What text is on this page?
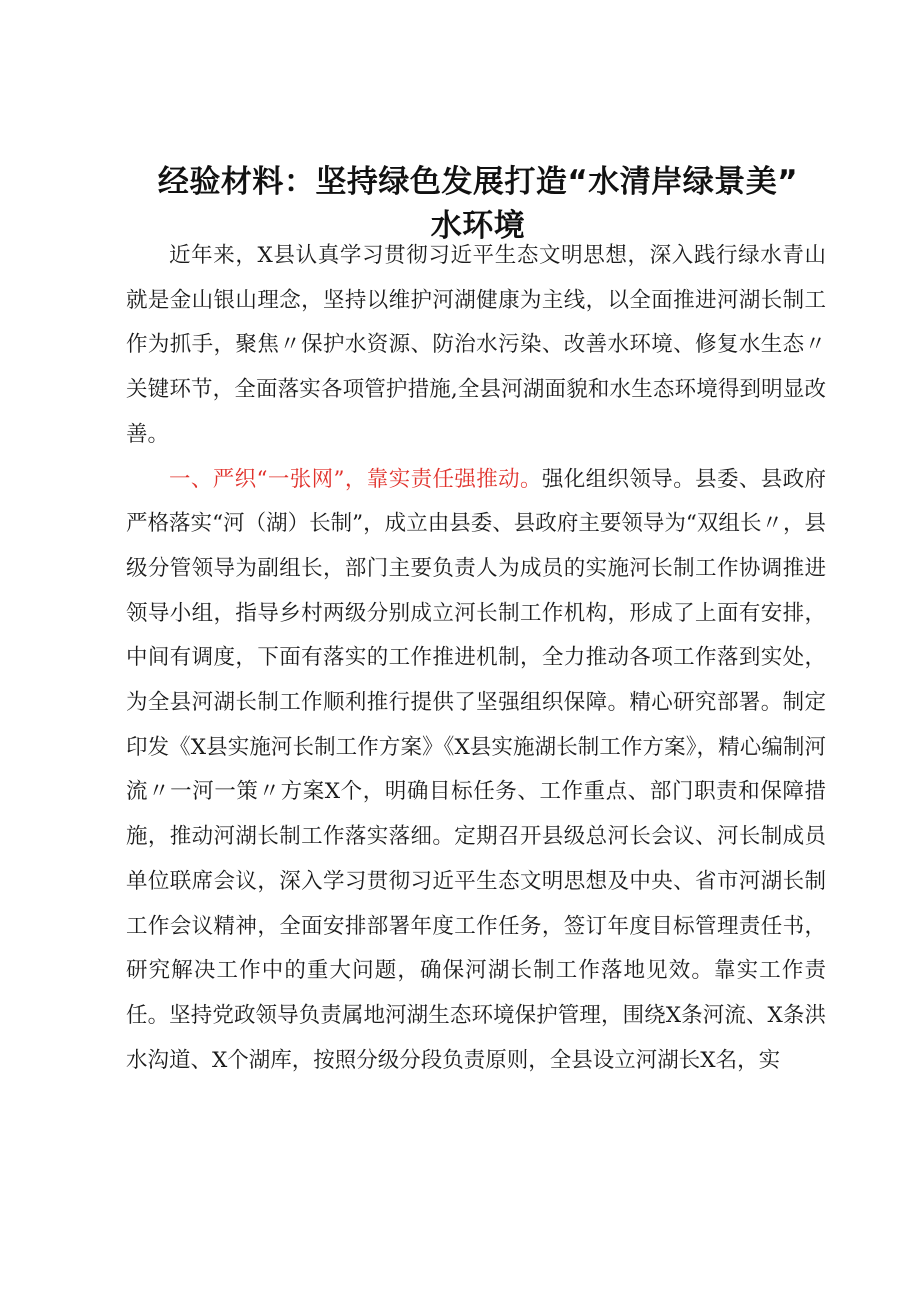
经验材料：坚持绿色发展打造“水清岸绿景美”
水环境

近年来，X县认真学习贯彻习近平生态文明思想，深入践行绿水青山就是金山银山理念，坚持以维护河湖健康为主线，以全面推进河湖长制工作为抓手，聚焦〃保护水资源、防治水污染、改善水环境、修复水生态〃关键环节，全面落实各项管护措施,全县河湖面貌和水生态环境得到明显改善。

一、严织“一张网”，靠实责任强推动。强化组织领导。县委、县政府严格落实“河（湖）长制”，成立由县委、县政府主要领导为“双组长〃，县级分管领导为副组长，部门主要负责人为成员的实施河长制工作协调推进领导小组，指导乡村两级分别成立河长制工作机构，形成了上面有安排，中间有调度，下面有落实的工作推进机制，全力推动各项工作落到实处，为全县河湖长制工作顺利推行提供了坚强组织保障。精心研究部署。制定印发《X县实施河长制工作方案》《X县实施湖长制工作方案》，精心编制河流〃一河一策〃方案X个，明确目标任务、工作重点、部门职责和保障措施，推动河湖长制工作落实落细。定期召开县级总河长会议、河长制成员单位联席会议，深入学习贯彻习近平生态文明思想及中央、省市河湖长制工作会议精神，全面安排部署年度工作任务，签订年度目标管理责任书，研究解决工作中的重大问题，确保河湖长制工作落地见效。靠实工作责任。坚持党政领导负责属地河湖生态环境保护管理，围绕X条河流、X条洪水沟道、X个湖库，按照分级分段负责原则，全县设立河湖长X名，实
